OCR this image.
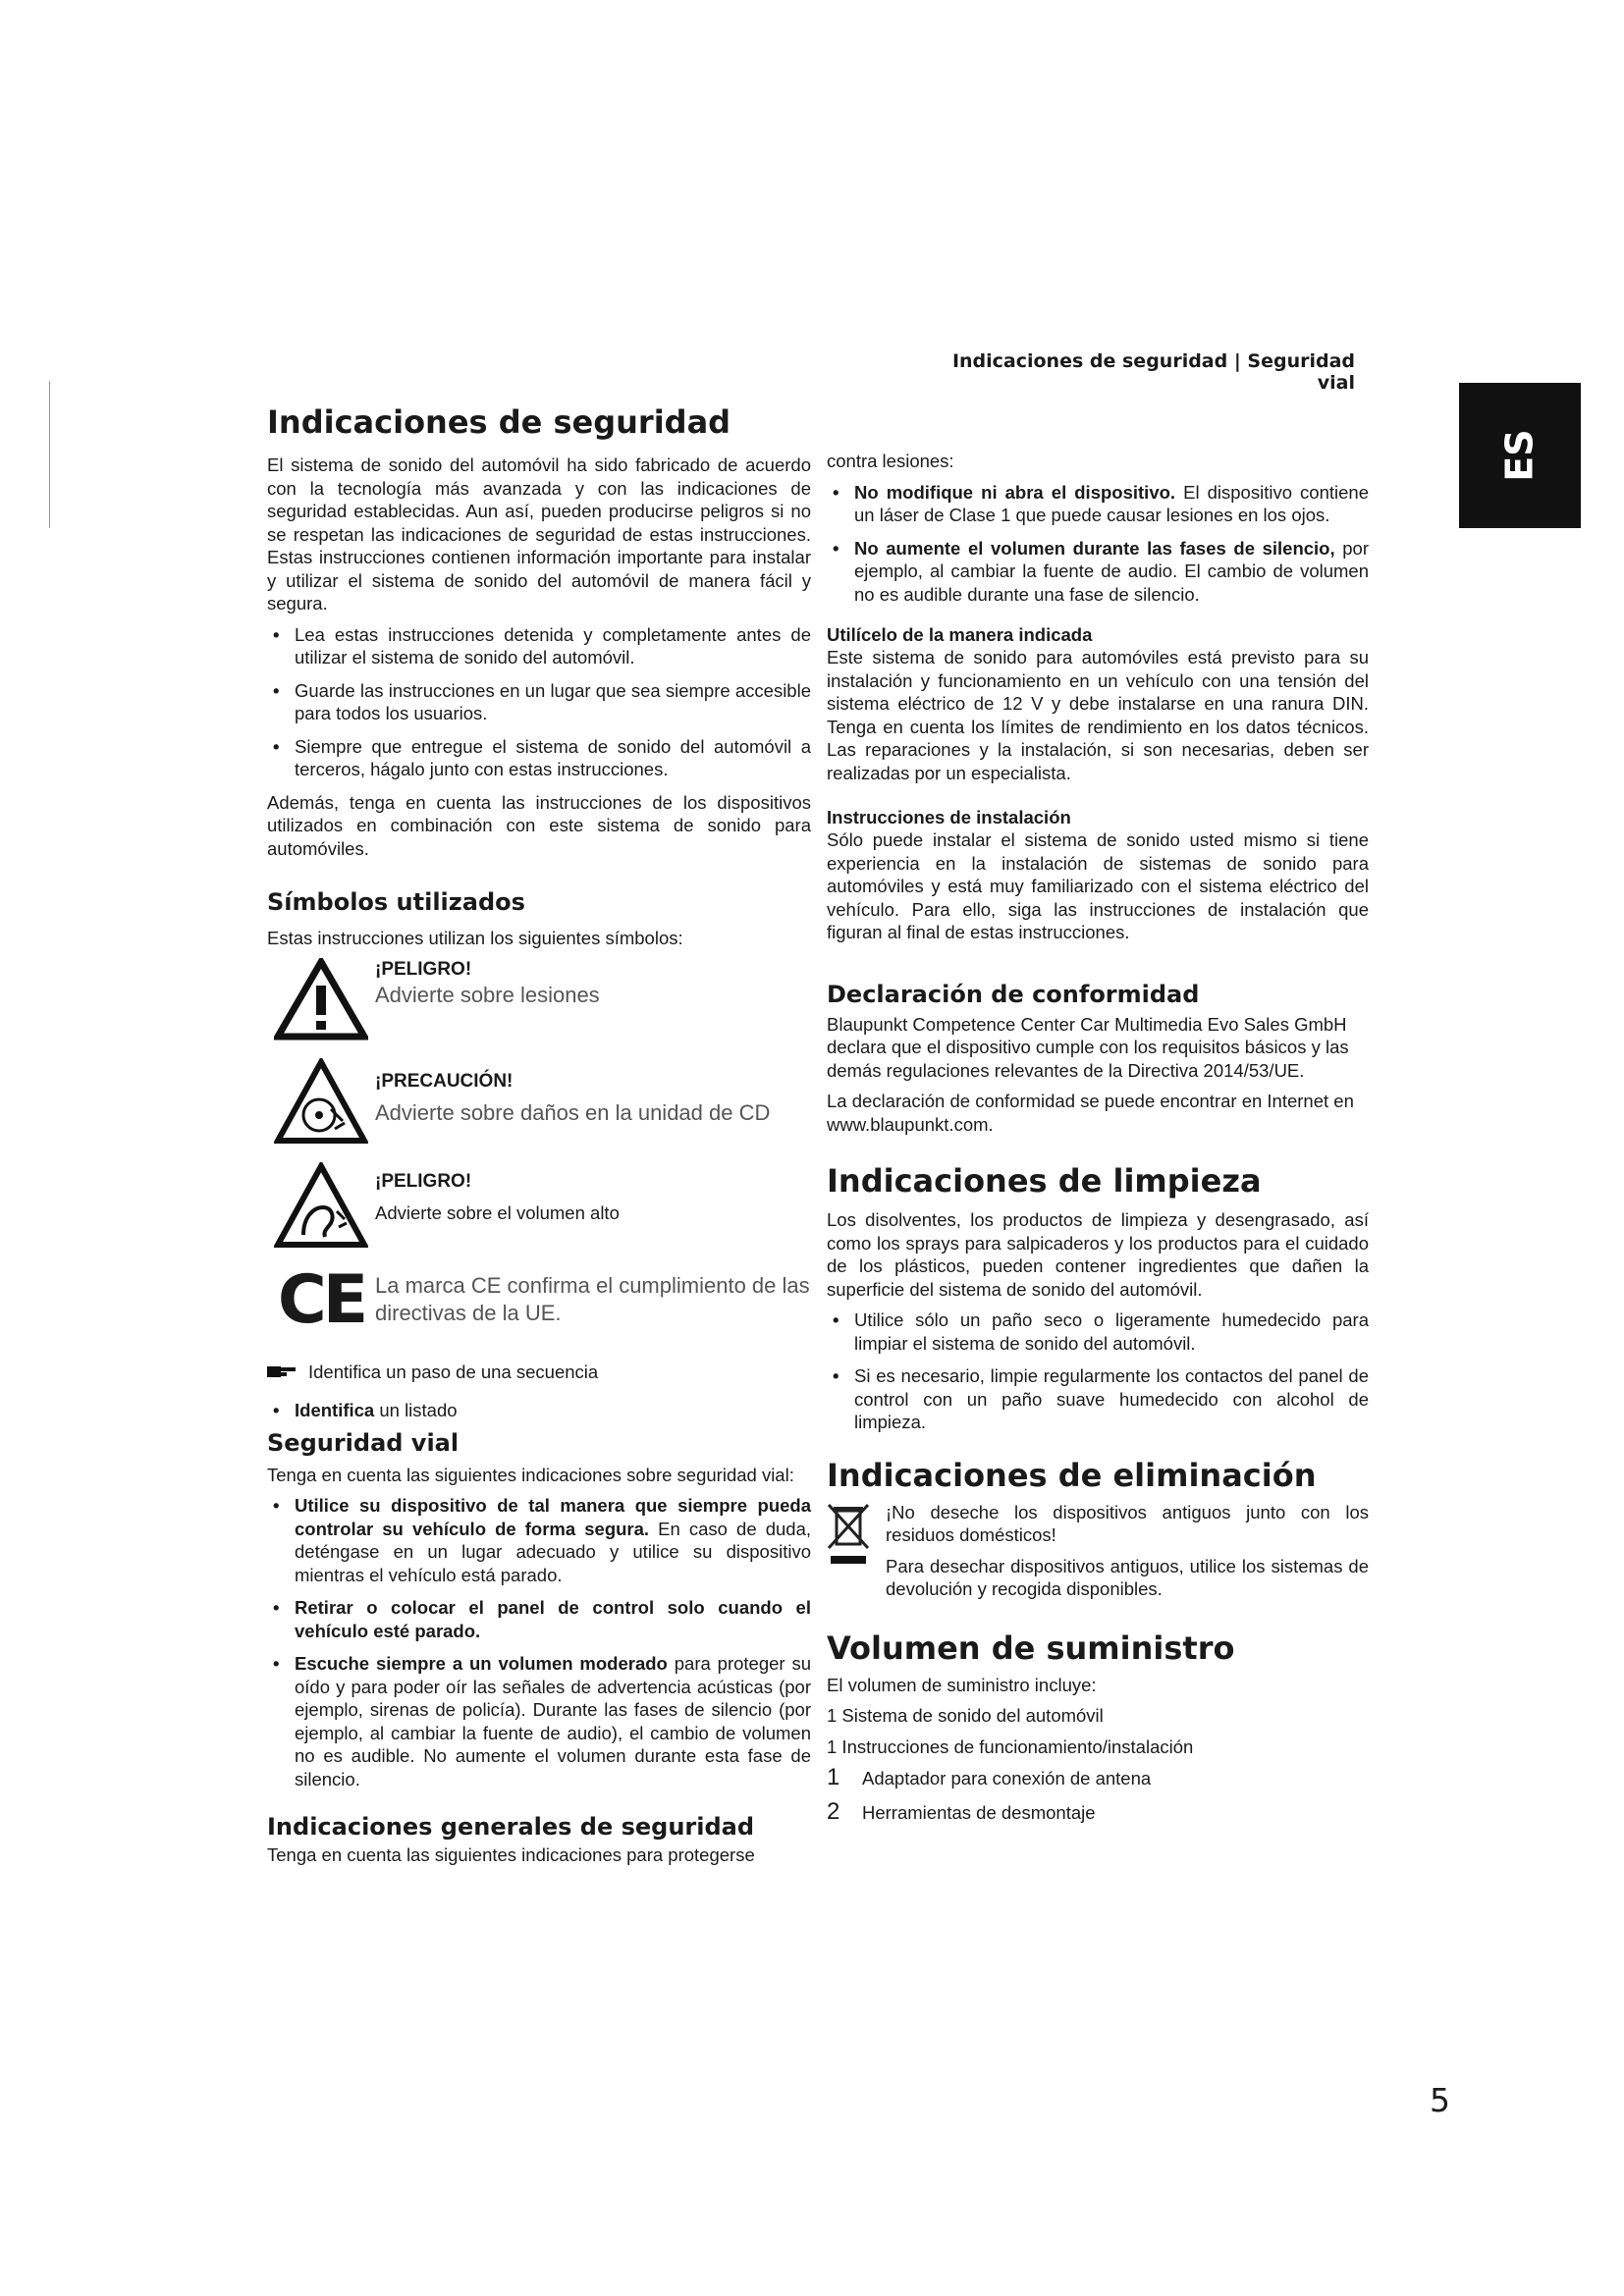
Indicaciones de seguridad | Seguridad vial
ES
Indicaciones de seguridad

El sistema de sonido del automóvil ha sido fabricado de acuerdo con la tecnología más avanzada y con las indicaciones de seguridad establecidas. Aun así, pueden producirse peligros si no se respetan las indicaciones de seguridad de estas instrucciones. Estas instrucciones contienen información importante para instalar y utilizar el sistema de sonido del automóvil de manera fácil y segura.

• Lea estas instrucciones detenida y completamente antes de utilizar el sistema de sonido del automóvil.
• Guarde las instrucciones en un lugar que sea siempre accesible para todos los usuarios.
• Siempre que entregue el sistema de sonido del automóvil a terceros, hágalo junto con estas instrucciones.

Además, tenga en cuenta las instrucciones de los dispositivos utilizados en combinación con este sistema de sonido para automóviles.

Símbolos utilizados

Estas instrucciones utilizan los siguientes símbolos:

¡PELIGRO!
Advierte sobre lesiones
¡PRECAUCIÓN!
Advierte sobre daños en la unidad de CD
¡PELIGRO!
Advierte sobre el volumen alto
CE La marca CE confirma el cumplimiento de las directivas de la UE.
Identifica un paso de una secuencia
• Identifica un listado
Seguridad vial

Tenga en cuenta las siguientes indicaciones sobre seguridad vial:

• Utilice su dispositivo de tal manera que siempre pueda controlar su vehículo de forma segura. En caso de duda, deténgase en un lugar adecuado y utilice su dispositivo mientras el vehículo está parado.
• Retirar o colocar el panel de control solo cuando el vehículo esté parado.
• Escuche siempre a un volumen moderado para proteger su oído y para poder oír las señales de advertencia acústicas (por ejemplo, sirenas de policía). Durante las fases de silencio (por ejemplo, al cambiar la fuente de audio), el cambio de volumen no es audible. No aumente el volumen durante esta fase de silencio.
Indicaciones generales de seguridad

Tenga en cuenta las siguientes indicaciones para protegerse

contra lesiones:

• No modifique ni abra el dispositivo. El dispositivo contiene un láser de Clase 1 que puede causar lesiones en los ojos.
• No aumente el volumen durante las fases de silencio, por ejemplo, al cambiar la fuente de audio. El cambio de volumen no es audible durante una fase de silencio.
Utilícelo de la manera indicada

Este sistema de sonido para automóviles está previsto para su instalación y funcionamiento en un vehículo con una tensión del sistema eléctrico de 12 V y debe instalarse en una ranura DIN. Tenga en cuenta los límites de rendimiento en los datos técnicos. Las reparaciones y la instalación, si son necesarias, deben ser realizadas por un especialista.

Instrucciones de instalación

Sólo puede instalar el sistema de sonido usted mismo si tiene experiencia en la instalación de sistemas de sonido para automóviles y está muy familiarizado con el sistema eléctrico del vehículo. Para ello, siga las instrucciones de instalación que figuran al final de estas instrucciones.

Declaración de conformidad

Blaupunkt Competence Center Car Multimedia Evo Sales GmbH declara que el dispositivo cumple con los requisitos básicos y las demás regulaciones relevantes de la Directiva 2014/53/UE.

La declaración de conformidad se puede encontrar en Internet en www.blaupunkt.com.

Indicaciones de limpieza

Los disolventes, los productos de limpieza y desengrasado, así como los sprays para salpicaderos y los productos para el cuidado de los plásticos, pueden contener ingredientes que dañen la superficie del sistema de sonido del automóvil.

• Utilice sólo un paño seco o ligeramente humedecido para limpiar el sistema de sonido del automóvil.
• Si es necesario, limpie regularmente los contactos del panel de control con un paño suave humedecido con alcohol de limpieza.
Indicaciones de eliminación

¡No deseche los dispositivos antiguos junto con los residuos domésticos!

Para desechar dispositivos antiguos, utilice los sistemas de devolución y recogida disponibles.

Volumen de suministro

El volumen de suministro incluye:

1 Sistema de sonido del automóvil

1 Instrucciones de funcionamiento/instalación

1	Adaptador para conexión de antena
2	Herramientas de desmontaje
5
